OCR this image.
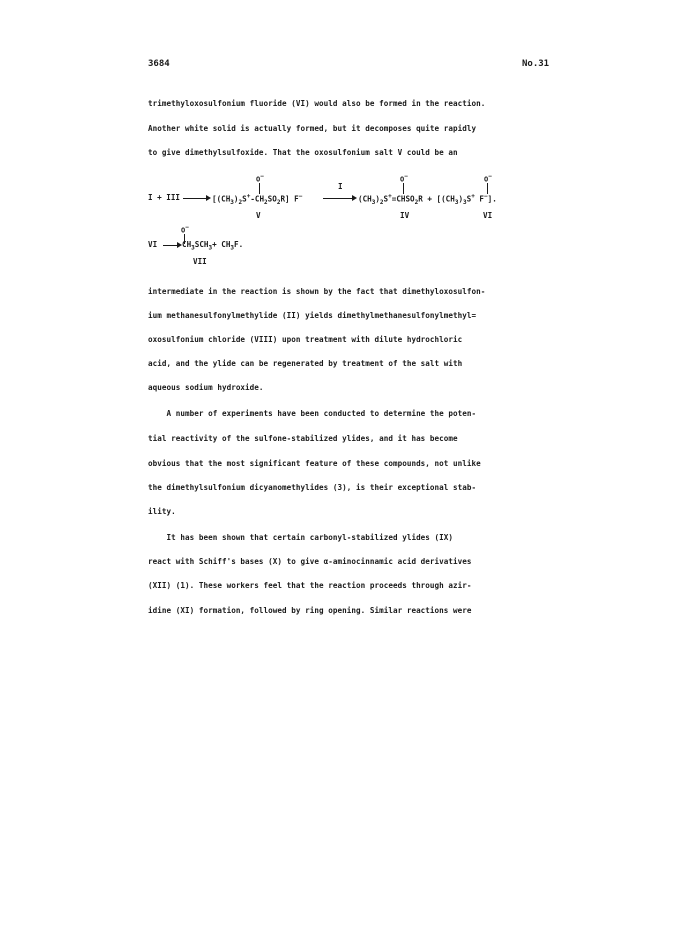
3684	No.31
trimethyloxosulfonium fluoride (VI) would also be formed in the reaction.
Another white solid is actually formed, but it decomposes quite rapidly
to give dimethylsulfoxide. That the oxosulfonium salt V could be an
O−	O−	O−
I + III → $[(CH_3)_2S^+-CH_2SO_2R]$ F−
I
→ $(CH_3)_2S^+=CHSO_2R + [(CH_3)_3S^+$ F−].
V	IV	VI
O−
VI → $CH_3SCH_3+ CH_3F$.
VII
intermediate in the reaction is shown by the fact that dimethyloxosulfon-
ium methanesulfonylmethylide (II) yields dimethylmethanesulfonylmethyl=
oxosulfonium chloride (VIII) upon treatment with dilute hydrochloric
acid, and the ylide can be regenerated by treatment of the salt with
aqueous sodium hydroxide.
A number of experiments have been conducted to determine the poten-
tial reactivity of the sulfone-stabilized ylides, and it has become
obvious that the most significant feature of these compounds, not unlike
the dimethylsulfonium dicyanomethylides (3), is their exceptional stab-
ility.
It has been shown that certain carbonyl-stabilized ylides (IX)
react with Schiff's bases (X) to give α-aminocinnamic acid derivatives
(XII) (1). These workers feel that the reaction proceeds through azir-
idine (XI) formation, followed by ring opening. Similar reactions were
